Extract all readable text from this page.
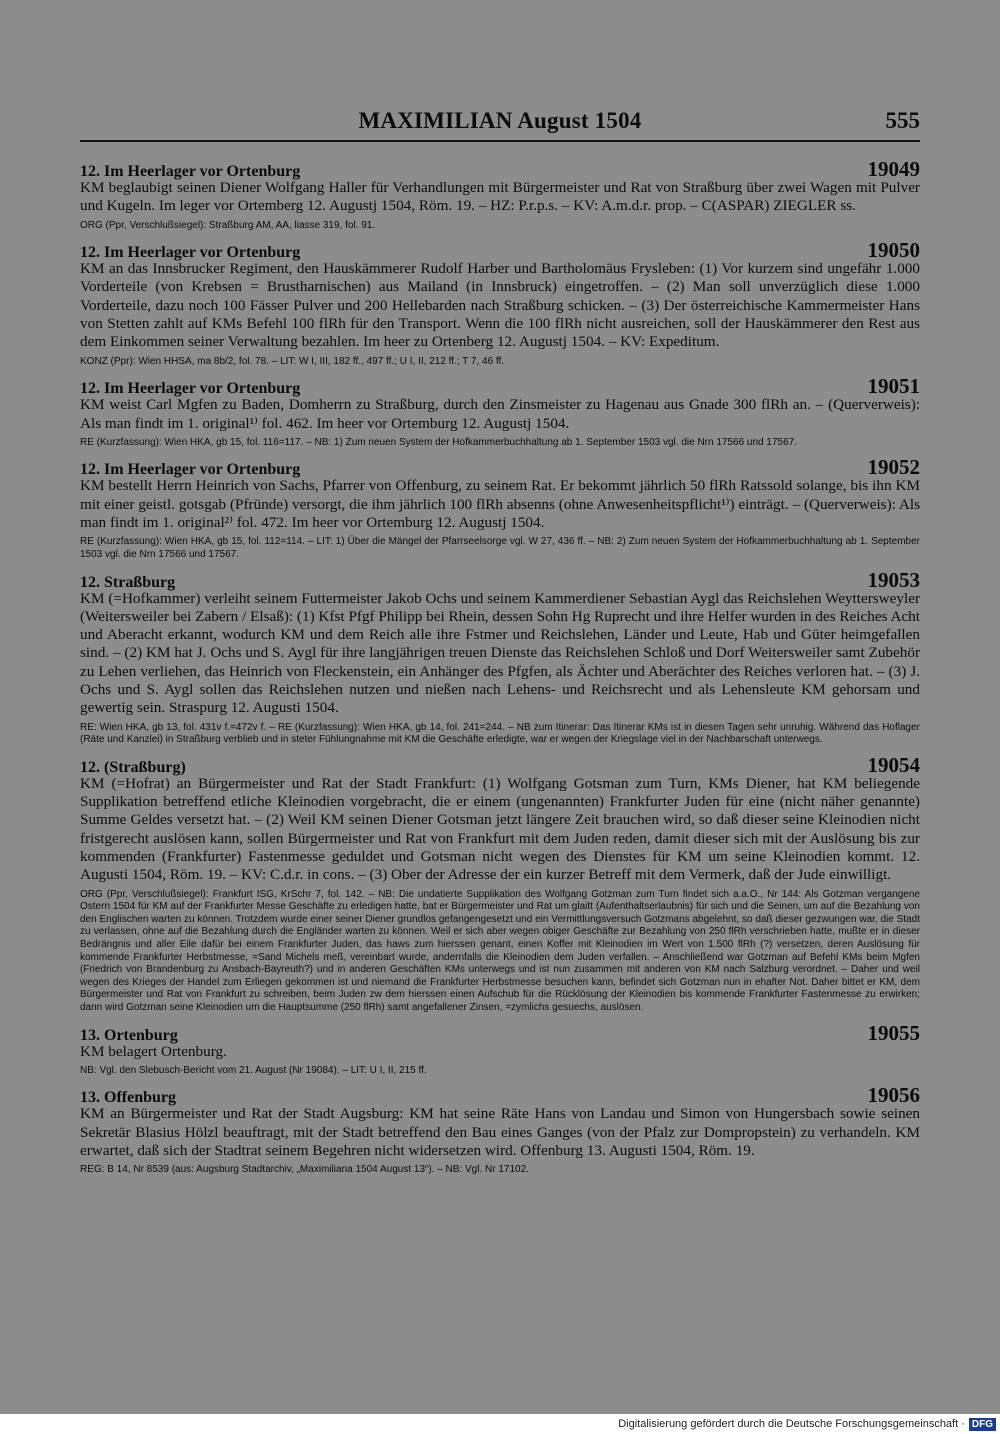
MAXIMILIAN August 1504	555
12. Im Heerlager vor Ortenburg	19049

KM beglaubigt seinen Diener Wolfgang Haller für Verhandlungen mit Bürgermeister und Rat von Straßburg über zwei Wagen mit Pulver und Kugeln. Im leger vor Ortemberg 12. Augustj 1504, Röm. 19. – HZ: P.r.p.s. – KV: A.m.d.r. prop. – C(ASPAR) ZIEGLER ss.

ORG (Ppr, Verschlußsiegel): Straßburg AM, AA, liasse 319, fol. 91.

12. Im Heerlager vor Ortenburg	19050

KM an das Innsbrucker Regiment, den Hauskämmerer Rudolf Harber und Bartholomäus Frysleben: (1) Vor kurzem sind ungefähr 1.000 Vorderteile (von Krebsen = Brustharnischen) aus Mailand (in Innsbruck) eingetroffen. – (2) Man soll unverzüglich diese 1.000 Vorderteile, dazu noch 100 Fässer Pulver und 200 Hellebarden nach Straßburg schicken. – (3) Der österreichische Kammermeister Hans von Stetten zahlt auf KMs Befehl 100 flRh für den Transport. Wenn die 100 flRh nicht ausreichen, soll der Hauskämmerer den Rest aus dem Einkommen seiner Verwaltung bezahlen. Im heer zu Ortenberg 12. Augustj 1504. – KV: Expeditum.

KONZ (Ppr): Wien HHSA, ma 8b/2, fol. 78. – LIT: W I, III, 182 ff., 497 ff.; U I, II, 212 ff.; T 7, 46 ff.

12. Im Heerlager vor Ortenburg	19051

KM weist Carl Mgfen zu Baden, Domherrn zu Straßburg, durch den Zinsmeister zu Hagenau aus Gnade 300 flRh an. – (Querverweis): Als man findt im 1. original¹⁾ fol. 462. Im heer vor Ortemburg 12. Augustj 1504.

RE (Kurzfassung): Wien HKA, gb 15, fol. 116=117. – NB: 1) Zum neuen System der Hofkammerbuchhaltung ab 1. September 1503 vgl. die Nrn 17566 und 17567.

12. Im Heerlager vor Ortenburg	19052

KM bestellt Herrn Heinrich von Sachs, Pfarrer von Offenburg, zu seinem Rat. Er bekommt jährlich 50 flRh Ratssold solange, bis ihn KM mit einer geistl. gotsgab (Pfründe) versorgt, die ihm jährlich 100 flRh absenns (ohne Anwesenheitspflicht¹⁾) einträgt. – (Querverweis): Als man findt im 1. original²⁾ fol. 472. Im heer vor Ortemburg 12. Augustj 1504.

RE (Kurzfassung): Wien HKA, gb 15, fol. 112=114. – LIT: 1) Über die Mängel der Pfarrseelsorge vgl. W 27, 436 ff. – NB: 2) Zum neuen System der Hofkammerbuchhaltung ab 1. September 1503 vgl. die Nrn 17566 und 17567.

12. Straßburg	19053

KM (=Hofkammer) verleiht seinem Futtermeister Jakob Ochs und seinem Kammerdiener Sebastian Aygl das Reichslehen Weyttersweyler (Weitersweiler bei Zabern / Elsaß): (1) Kfst Pfgf Philipp bei Rhein, dessen Sohn Hg Ruprecht und ihre Helfer wurden in des Reiches Acht und Aberacht erkannt, wodurch KM und dem Reich alle ihre Fstmer und Reichslehen, Länder und Leute, Hab und Güter heimgefallen sind. – (2) KM hat J. Ochs und S. Aygl für ihre langjährigen treuen Dienste das Reichslehen Schloß und Dorf Weitersweiler samt Zubehör zu Lehen verliehen, das Heinrich von Fleckenstein, ein Anhänger des Pfgfen, als Ächter und Aberächter des Reiches verloren hat. – (3) J. Ochs und S. Aygl sollen das Reichslehen nutzen und nießen nach Lehens- und Reichsrecht und als Lehensleute KM gehorsam und gewertig sein. Straspurg 12. Augusti 1504.

RE: Wien HKA, gb 13, fol. 431v f.=472v f. – RE (Kurzfassung): Wien HKA, gb 14, fol. 241=244. – NB zum Itinerar: Das Itinerar KMs ist in diesen Tagen sehr unruhig. Während das Hoflager (Räte und Kanzlei) in Straßburg verblieb und in steter Fühlungnahme mit KM die Geschäfte erledigte, war er wegen der Kriegslage viel in der Nachbarschaft unterwegs.

12. (Straßburg)	19054

KM (=Hofrat) an Bürgermeister und Rat der Stadt Frankfurt: (1) Wolfgang Gotsman zum Turn, KMs Diener, hat KM beliegende Supplikation betreffend etliche Kleinodien vorgebracht, die er einem (ungenannten) Frankfurter Juden für eine (nicht näher genannte) Summe Geldes versetzt hat. – (2) Weil KM seinen Diener Gotsman jetzt längere Zeit brauchen wird, so daß dieser seine Kleinodien nicht fristgerecht auslösen kann, sollen Bürgermeister und Rat von Frankfurt mit dem Juden reden, damit dieser sich mit der Auslösung bis zur kommenden (Frankfurter) Fastenmesse geduldet und Gotsman nicht wegen des Dienstes für KM um seine Kleinodien kommt. 12. Augusti 1504, Röm. 19. – KV: C.d.r. in cons. – (3) Ober der Adresse der ein kurzer Betreff mit dem Vermerk, daß der Jude einwilligt.

ORG (Ppr, Verschlußsiegel): Frankfurt ISG, KrSchr 7, fol. 142. – NB: Die undatierte Supplikation des Wolfgang Gotzman zum Turn findet sich a.a.O., Nr 144: Als Gotzman vergangene Ostern 1504 für KM auf der Frankfurter Messe Geschäfte zu erledigen hatte, bat er Bürgermeister und Rat um glaitt (Aufenthaltserlaubnis) für sich und die Seinen, um auf die Bezahlung von den Englischen warten zu können. Trotzdem wurde einer seiner Diener grundlos gefangengesetzt und ein Vermittlungsversuch Gotzmans abgelehnt, so daß dieser gezwungen war, die Stadt zu verlassen, ohne auf die Bezahlung durch die Engländer warten zu können. Weil er sich aber wegen obiger Geschäfte zur Bezahlung von 250 flRh verschrieben hatte, mußte er in dieser Bedrängnis und aller Eile dafür bei einem Frankfurter Juden, das haws zum hierssen genant, einen Koffer mit Kleinodien im Wert von 1.500 flRh (?) versetzen, deren Auslösung für kommende Frankfurter Herbstmesse, =Sand Michels meß, vereinbart wurde, andernfalls die Kleinodien dem Juden verfallen. – Anschließend war Gotzman auf Befehl KMs beim Mgfen (Friedrich von Brandenburg zu Ansbach-Bayreuth?) und in anderen Geschäften KMs unterwegs und ist nun zusammen mit anderen von KM nach Salzburg verordnet. – Daher und weil wegen des Krieges der Handel zum Erliegen gekommen ist und niemand die Frankfurter Herbstmesse besuchen kann, befindet sich Gotzman nun in ehafter Not. Daher bittet er KM, dem Bürgermeister und Rat von Frankfurt zu schreiben, beim Juden zw dem hierssen einen Aufschub für die Rücklösung der Kleinodien bis kommende Frankfurter Fastenmesse zu erwirken; dann wird Gotzman seine Kleinodien um die Hauptsumme (250 flRh) samt angefallener Zinsen, =zymlichs gesuechs, auslösen.

13. Ortenburg	19055

KM belagert Ortenburg.

NB: Vgl. den Slebusch-Bericht vom 21. August (Nr 19084). – LIT: U I, II, 215 ff.

13. Offenburg	19056

KM an Bürgermeister und Rat der Stadt Augsburg: KM hat seine Räte Hans von Landau und Simon von Hungersbach sowie seinen Sekretär Blasius Hölzl beauftragt, mit der Stadt betreffend den Bau eines Ganges (von der Pfalz zur Dompropstein) zu verhandeln. KM erwartet, daß sich der Stadtrat seinem Begehren nicht widersetzen wird. Offenburg 13. Augusti 1504, Röm. 19.

REG: B 14, Nr 8539 (aus: Augsburg Stadtarchiv, „Maximiliana 1504 August 13“). – NB: Vgl. Nr 17102.

Digitalisierung gefördert durch die Deutsche Forschungsgemeinschaft · DFG
